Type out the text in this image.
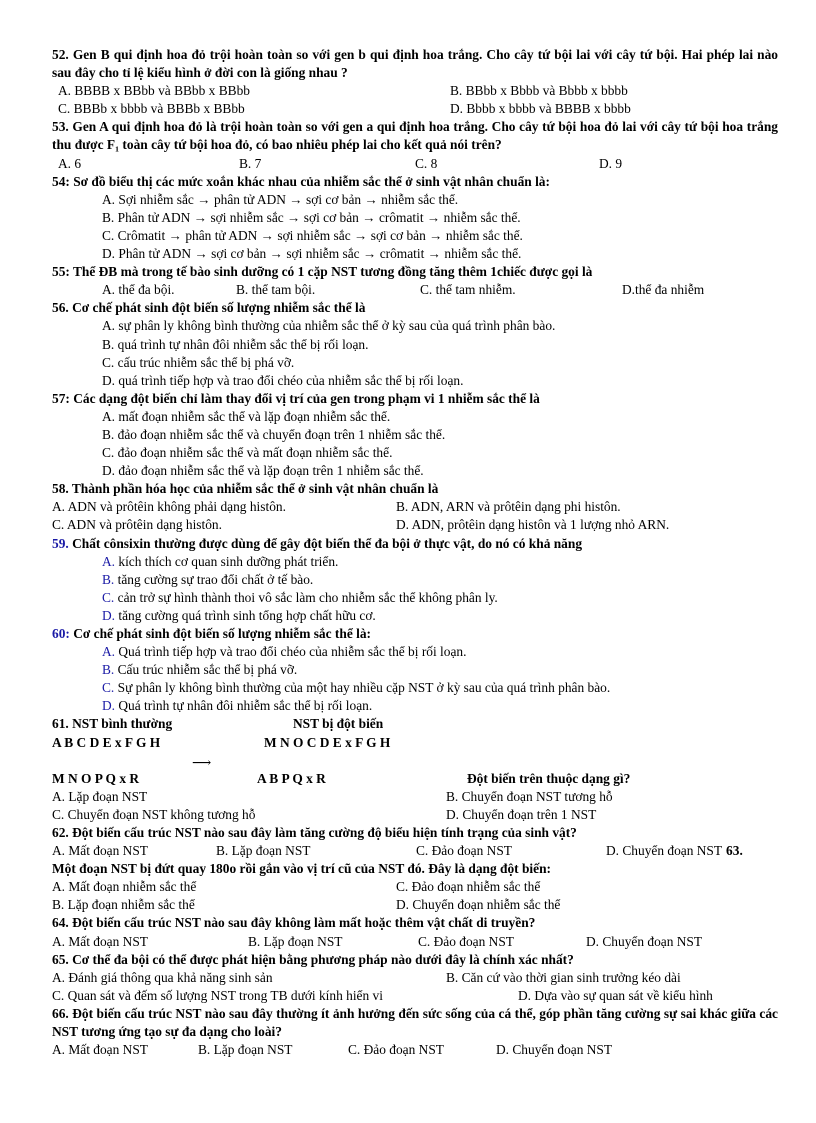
52. Gen B qui định hoa đỏ trội hoàn toàn so với gen b qui định hoa trắng. Cho cây tứ bội lai với cây tứ bội. Hai phép lai nào sau đây cho tỉ lệ kiểu hình ở đời con là giống nhau ?
A. BBBB x BBbb và BBbb x BBbb	B. BBbb x Bbbb và Bbbb x bbbb
C. BBBb x bbbb và BBBb x BBbb	D. Bbbb x bbbb và BBBB x bbbb
53. Gen A qui định hoa đỏ là trội hoàn toàn so với gen a qui định hoa trắng. Cho cây tứ bội hoa đỏ lai với cây tứ bội hoa trắng thu được F₁ toàn cây tứ bội hoa đỏ, có bao nhiêu phép lai cho kết quả nói trên?
A. 6	B. 7	C. 8	D. 9
54: Sơ đồ biểu thị các mức xoắn khác nhau của nhiễm sắc thể ở sinh vật nhân chuẩn là:
A. Sợi nhiễm sắc → phân tử ADN → sợi cơ bản → nhiễm sắc thể.
B. Phân tử ADN → sợi nhiễm sắc → sợi cơ bản → crômatit → nhiễm sắc thể.
C. Crômatit → phân tử ADN → sợi nhiễm sắc → sợi cơ bản → nhiễm sắc thể.
D. Phân tử ADN → sợi cơ bản → sợi nhiễm sắc → crômatit → nhiễm sắc thể.
55: Thể ĐB mà trong tế bào sinh dưỡng có 1 cặp NST tương đồng tăng thêm 1chiếc được gọi là
A. thể đa bội.	B. thể tam bội.	C. thể tam nhiễm.	D.thể đa nhiễm
56. Cơ chế phát sinh đột biến số lượng nhiễm sắc thể là
A. sự phân ly không bình thường của nhiễm sắc thể ở kỳ sau của quá trình phân bào.
B. quá trình tự nhân đôi nhiễm sắc thể bị rối loạn.
C. cấu trúc nhiễm sắc thể bị phá vỡ.
D. quá trình tiếp hợp và trao đổi chéo của nhiễm sắc thể bị rối loạn.
57: Các dạng đột biến chỉ làm thay đổi vị trí của gen trong phạm vi 1 nhiễm sắc thể là
A. mất đoạn nhiễm sắc thể và lặp đoạn nhiễm sắc thể.
B. đảo đoạn nhiễm sắc thể và chuyển đoạn trên 1 nhiễm sắc thể.
C. đảo đoạn nhiễm sắc thể và mất đoạn nhiễm sắc thể.
D. đảo đoạn nhiễm sắc thể và lặp đoạn trên 1 nhiễm sắc thể.
58. Thành phần hóa học của nhiễm sắc thể ở sinh vật nhân chuẩn là
A. ADN và prôtêin không phải dạng histôn.	B. ADN, ARN và prôtêin dạng phi histôn.
C. ADN và prôtêin dạng histôn.	D. ADN, prôtêin dạng histôn và 1 lượng nhỏ ARN.
59. Chất cônsixin thường được dùng để gây đột biến thể đa bội ở thực vật, do nó có khả năng
A. kích thích cơ quan sinh dưỡng phát triển.
B. tăng cường sự trao đổi chất ở tế bào.
C. cản trở sự hình thành thoi vô sắc làm cho nhiễm sắc thể không phân ly.
D. tăng cường quá trình sinh tổng hợp chất hữu cơ.
60: Cơ chế phát sinh đột biến số lượng nhiễm sắc thể là:
A. Quá trình tiếp hợp và trao đổi chéo của nhiễm sắc thể bị rối loạn.
B. Cấu trúc nhiễm sắc thể bị phá vỡ.
C. Sự phân ly không bình thường của một hay nhiều cặp NST ở kỳ sau của quá trình phân bào.
D. Quá trình tự nhân đôi nhiễm sắc thể bị rối loạn.
61. NST bình thường	NST bị đột biến
A B C D E x F G H	M N O C D E x F G H
⟶
M N O P Q x R	A B P Q x R	Đột biến trên thuộc dạng gì?
A. Lặp đoạn NST	B. Chuyển đoạn NST tương hỗ
C. Chuyển đoạn NST không tương hỗ	D. Chuyển đoạn trên 1 NST
62. Đột biến cấu trúc NST nào sau đây làm tăng cường độ biểu hiện tính trạng của sinh vật?
A. Mất đoạn NST	B. Lặp đoạn NST	C. Đảo đoạn NST	D. Chuyển đoạn NST 63.
Một đoạn NST bị đứt quay 180o rồi gắn vào vị trí cũ của NST đó. Đây là dạng đột biến:
A. Mất đoạn nhiễm sắc thể	C. Đảo đoạn nhiễm sắc thể
B. Lặp đoạn nhiễm sắc thể	D. Chuyển đoạn nhiễm sắc thể
64. Đột biến cấu trúc NST nào sau đây không làm mất hoặc thêm vật chất di truyền?
A. Mất đoạn NST	B. Lặp đoạn NST	C. Đảo đoạn NST	D. Chuyển đoạn NST
65. Cơ thể đa bội có thể được phát hiện bằng phương pháp nào dưới đây là chính xác nhất?
A. Đánh giá thông qua khả năng sinh sản	B. Căn cứ vào thời gian sinh trưởng kéo dài
C. Quan sát và đếm số lượng NST trong TB dưới kính hiển vi	D. Dựa vào sự quan sát về kiểu hình
66. Đột biến cấu trúc NST nào sau đây thường ít ảnh hưởng đến sức sống của cá thể, góp phần tăng cường sự sai khác giữa các NST tương ứng tạo sự đa dạng cho loài?
A. Mất đoạn NST	B. Lặp đoạn NST	C. Đảo đoạn NST	D. Chuyển đoạn NST
